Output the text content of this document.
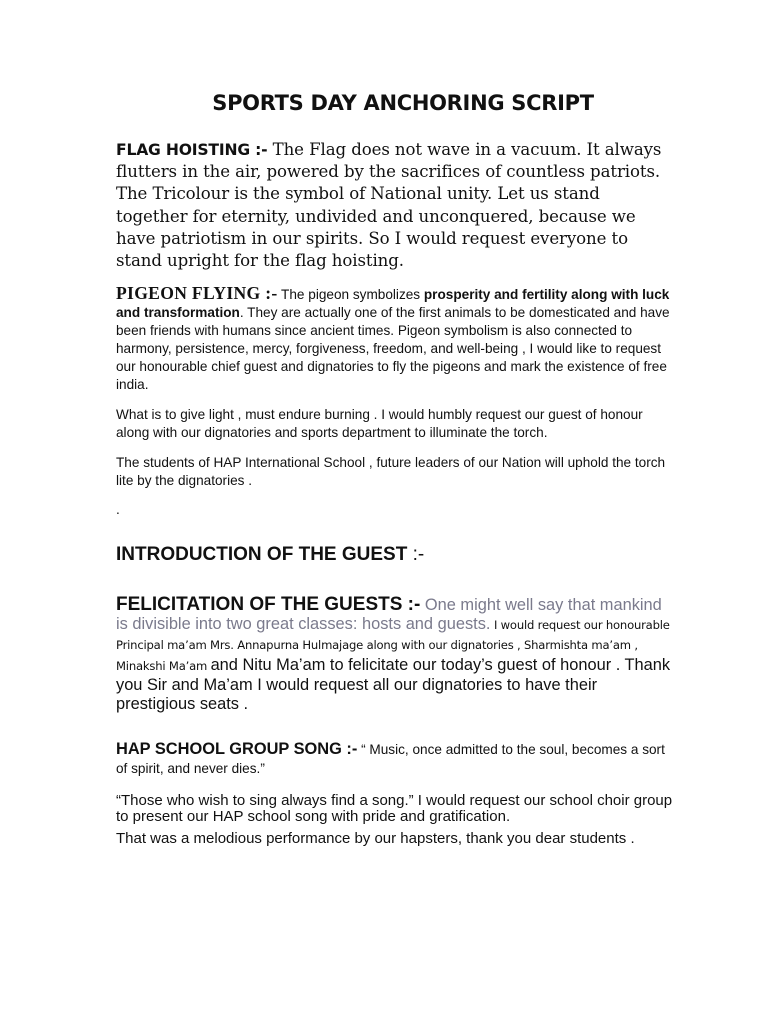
SPORTS DAY ANCHORING SCRIPT

FLAG HOISTING :- The Flag does not wave in a vacuum. It always flutters in the air, powered by the sacrifices of countless patriots. The Tricolour is the symbol of National unity. Let us stand together for eternity, undivided and unconquered, because we have patriotism in our spirits. So I would request everyone to stand upright for the flag hoisting.

PIGEON FLYING :- The pigeon symbolizes prosperity and fertility along with luck and transformation. They are actually one of the first animals to be domesticated and have been friends with humans since ancient times. Pigeon symbolism is also connected to harmony, persistence, mercy, forgiveness, freedom, and well-being , I would like to request our honourable chief guest and dignatories to fly the pigeons and mark the existence of free india.

What is to give light , must endure burning . I would humbly request our guest of honour along with our dignatories and sports department to illuminate the torch.

The students of HAP International School , future leaders of our Nation will uphold the torch lite by the dignatories .

.

INTRODUCTION OF THE GUEST :-

FELICITATION OF THE GUESTS :- One might well say that mankind is divisible into two great classes: hosts and guests. I would request our honourable Principal ma’am Mrs. Annapurna Hulmajage along with our dignatories , Sharmishta ma’am , Minakshi Ma’am and Nitu Ma’am to felicitate our today’s guest of honour . Thank you Sir and Ma’am I would request all our dignatories to have their prestigious seats .

HAP SCHOOL GROUP SONG :- “ Music, once admitted to the soul, becomes a sort of spirit, and never dies.”

“Those who wish to sing always find a song.” I would request our school choir group to present our HAP school song with pride and gratification.

That was a melodious performance by our hapsters, thank you dear students .
